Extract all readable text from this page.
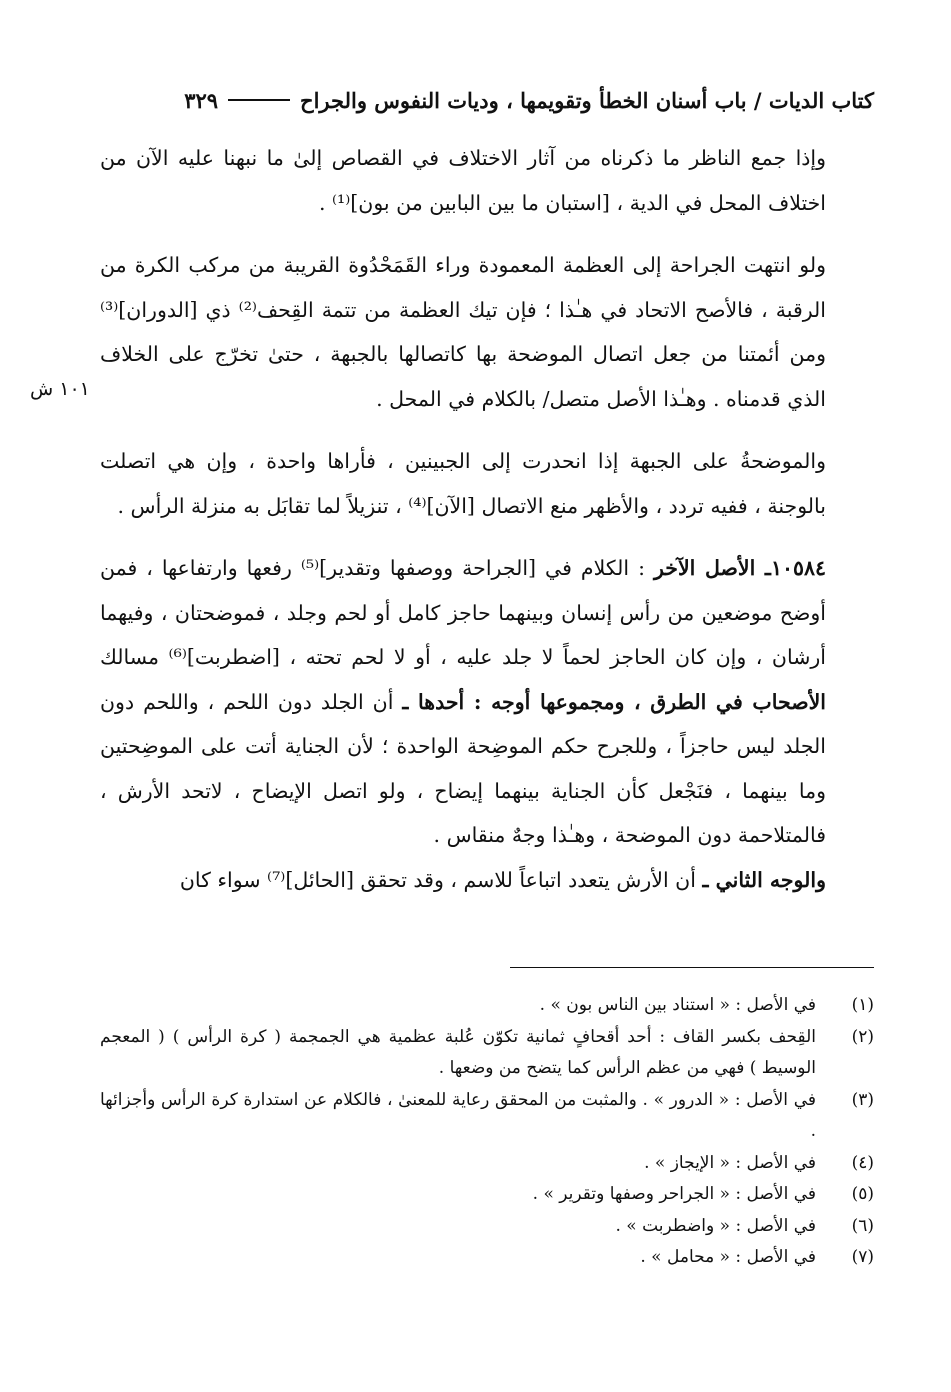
كتاب الديات / باب أسنان الخطأ وتقويمها ، وديات النفوس والجراح
٣٢٩
١٠١ ش

وإذا جمع الناظر ما ذكرناه من آثار الاختلاف في القصاص إلىٰ ما نبهنا عليه الآن من اختلاف المحل في الدية ، [استبان ما بين البابين من بون]⁽¹⁾ .

ولو انتهت الجراحة إلى العظمة المعمودة وراء القَمَحْدُوة القريبة من مركب الكرة من الرقبة ، فالأصح الاتحاد في هـٰذا ؛ فإن تيك العظمة من تتمة القِحف⁽²⁾ ذي [الدوران]⁽³⁾ ومن أئمتنا من جعل اتصال الموضحة بها كاتصالها بالجبهة ، حتىٰ تخرّج على الخلاف الذي قدمناه . وهـٰذا الأصل متصل/ بالكلام في المحل .

والموضحةُ على الجبهة إذا انحدرت إلى الجبينين ، فأراها واحدة ، وإن هي اتصلت بالوجنة ، ففيه تردد ، والأظهر منع الاتصال [الآن]⁽⁴⁾ ، تنزيلاً لما تقابَل به منزلة الرأس .

١٠٥٨٤ـ الأصل الآخر : الكلام في [الجراحة ووصفها وتقدير]⁽⁵⁾ رفعها وارتفاعها ، فمن أوضح موضعين من رأس إنسان وبينهما حاجز كامل أو لحم وجلد ، فموضحتان ، وفيهما أرشان ، وإن كان الحاجز لحماً لا جلد عليه ، أو لا لحم تحته ، [اضطربت]⁽⁶⁾ مسالك الأصحاب في الطرق ، ومجموعها أوجه : أحدها ـ أن الجلد دون اللحم ، واللحم دون الجلد ليس حاجزاً ، وللجرح حكم الموضِحة الواحدة ؛ لأن الجناية أتت على الموضِحتين وما بينهما ، فنَجْعل كأن الجناية بينهما إيضاح ، ولو اتصل الإيضاح ، لاتحد الأرش ، فالمتلاحمة دون الموضحة ، وهـٰذا وجهٌ منقاس .

والوجه الثاني ـ أن الأرش يتعدد اتباعاً للاسم ، وقد تحقق [الحائل]⁽⁷⁾ سواء كان

(١)
في الأصل : « استناد بين الناس بون » .
(٢)
القِحف بكسر القاف : أحد أقحافٍ ثمانية تكوّن عُلبة عظمية هي الجمجمة ( كرة الرأس ) ( المعجم الوسيط ) فهي من عظم الرأس كما يتضح من وضعها .
(٣)
في الأصل : « الدرور » . والمثبت من المحقق رعاية للمعنىٰ ، فالكلام عن استدارة كرة الرأس وأجزائها .
(٤)
في الأصل : « الإيجاز » .
(٥)
في الأصل : « الجراحر وصفها وتقرير » .
(٦)
في الأصل : « واضطربت » .
(٧)
في الأصل : « محامل » .
